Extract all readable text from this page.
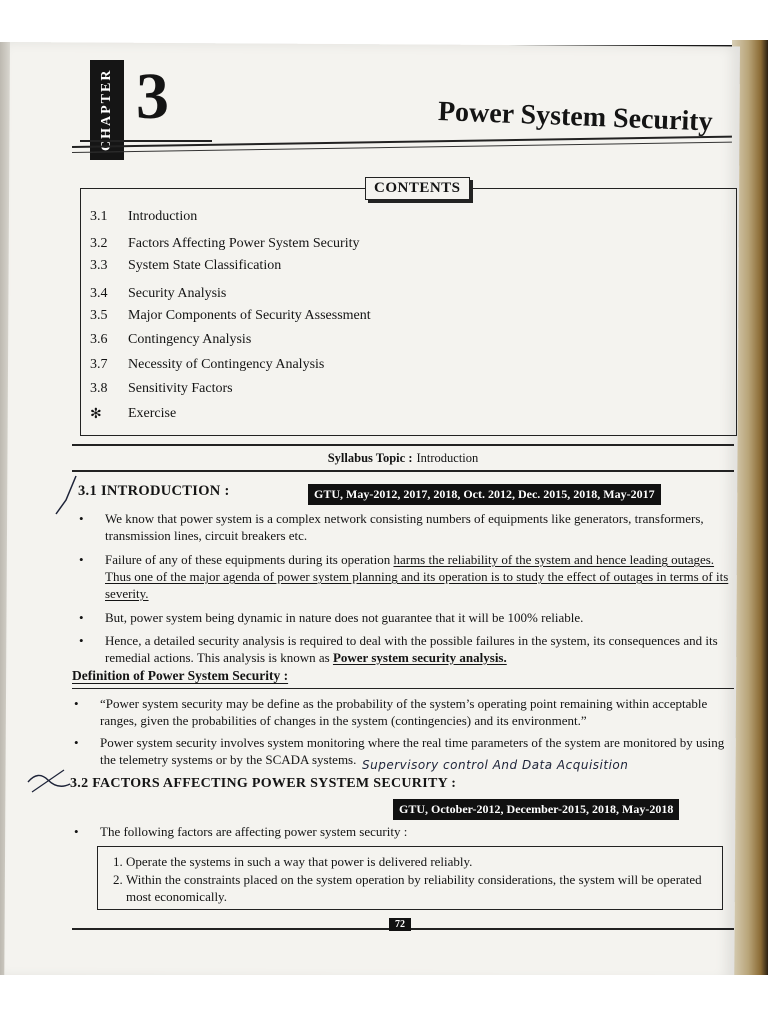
CHAPTER 3	Power System Security
CONTENTS
3.1	Introduction
3.2	Factors Affecting Power System Security
3.3	System State Classification
3.4	Security Analysis
3.5	Major Components of Security Assessment
3.6	Contingency Analysis
3.7	Necessity of Contingency Analysis
3.8	Sensitivity Factors
✻	Exercise
Syllabus Topic : Introduction
3.1 INTRODUCTION :	GTU, May-2012, 2017, 2018, Oct. 2012, Dec. 2015, 2018, May-2017
• We know that power system is a complex network consisting numbers of equipments like generators, transformers, transmission lines, circuit breakers etc.
• Failure of any of these equipments during its operation harms the reliability of the system and hence leading outages. Thus one of the major agenda of power system planning and its operation is to study the effect of outages in terms of its severity.
• But, power system being dynamic in nature does not guarantee that it will be 100% reliable.
• Hence, a detailed security analysis is required to deal with the possible failures in the system, its consequences and its remedial actions. This analysis is known as Power system security analysis.
Definition of Power System Security :
• “Power system security may be define as the probability of the system’s operating point remaining within acceptable ranges, given the probabilities of changes in the system (contingencies) and its environment.”
• Power system security involves system monitoring where the real time parameters of the system are monitored by using the telemetry systems or by the SCADA systems. Supervisory control And Data Acquisition
3.2 FACTORS AFFECTING POWER SYSTEM SECURITY :
GTU, October-2012, December-2015, 2018, May-2018
• The following factors are affecting power system security :
1. Operate the systems in such a way that power is delivered reliably.
2. Within the constraints placed on the system operation by reliability considerations, the system will be operated most economically.
72
